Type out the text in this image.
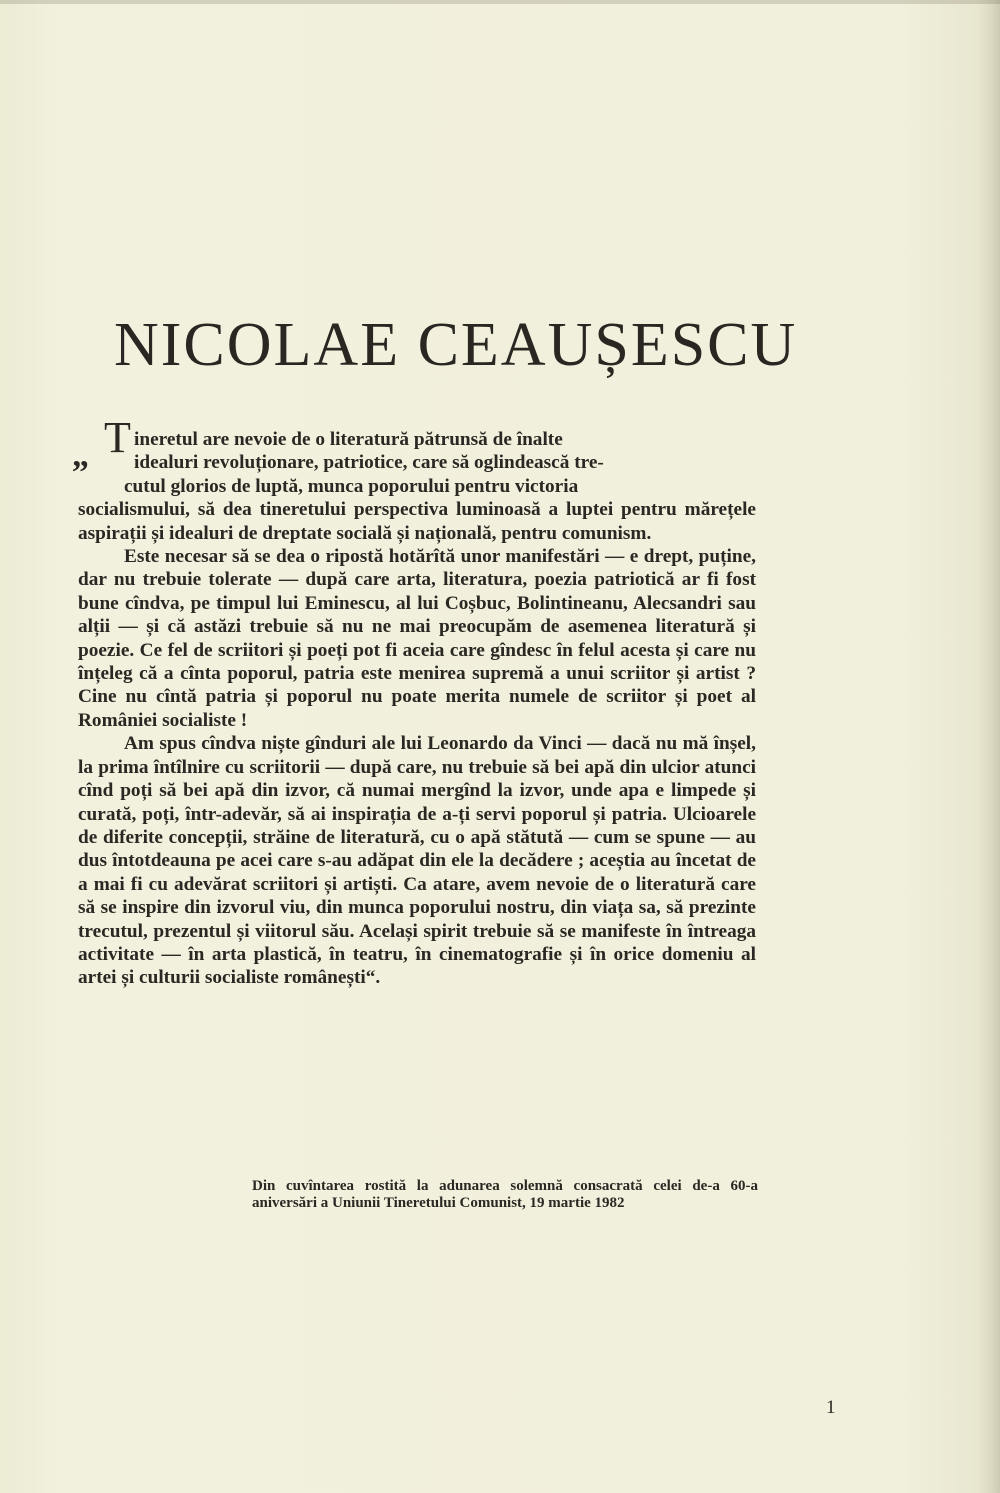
NICOLAE CEAUȘESCU
„ T ineretul are nevoie de o literatură pătrunsă de înalte
idealuri revoluționare, patriotice, care să oglindească tre-
cutul glorios de luptă, munca poporului pentru victoria
socialismului, să dea tineretului perspectiva luminoasă a luptei pentru mărețele aspirații și idealuri de dreptate socială și națională, pentru comunism.

Este necesar să se dea o ripostă hotărîtă unor manifestări — e drept, puține, dar nu trebuie tolerate — după care arta, literatura, poezia patriotică ar fi fost bune cîndva, pe timpul lui Eminescu, al lui Coșbuc, Bolintineanu, Alecsandri sau alții — și că astăzi trebuie să nu ne mai preocupăm de asemenea literatură și poezie. Ce fel de scriitori și poeți pot fi aceia care gîndesc în felul acesta și care nu înțeleg că a cînta poporul, patria este menirea supremă a unui scriitor și artist ? Cine nu cîntă patria și poporul nu poate merita numele de scriitor și poet al României socialiste !

Am spus cîndva niște gînduri ale lui Leonardo da Vinci — dacă nu mă înșel, la prima întîlnire cu scriitorii — după care, nu trebuie să bei apă din ulcior atunci cînd poți să bei apă din izvor, că numai mergînd la izvor, unde apa e limpede și curată, poți, într-adevăr, să ai inspirația de a-ți servi poporul și patria. Ulcioarele de diferite concepții, străine de literatură, cu o apă stătută — cum se spune — au dus întotdeauna pe acei care s-au adăpat din ele la decădere ; aceștia au încetat de a mai fi cu adevărat scriitori și artiști. Ca atare, avem nevoie de o literatură care să se inspire din izvorul viu, din munca poporului nostru, din viața sa, să prezinte trecutul, prezentul și viitorul său. Același spirit trebuie să se manifeste în întreaga activitate — în arta plastică, în teatru, în cinematografie și în orice domeniu al artei și culturii socialiste românești“.

Din cuvîntarea rostită la adunarea solemnă consacrată celei de-a 60-a aniversări a Uniunii Tineretului Comunist, 19 martie 1982
1
